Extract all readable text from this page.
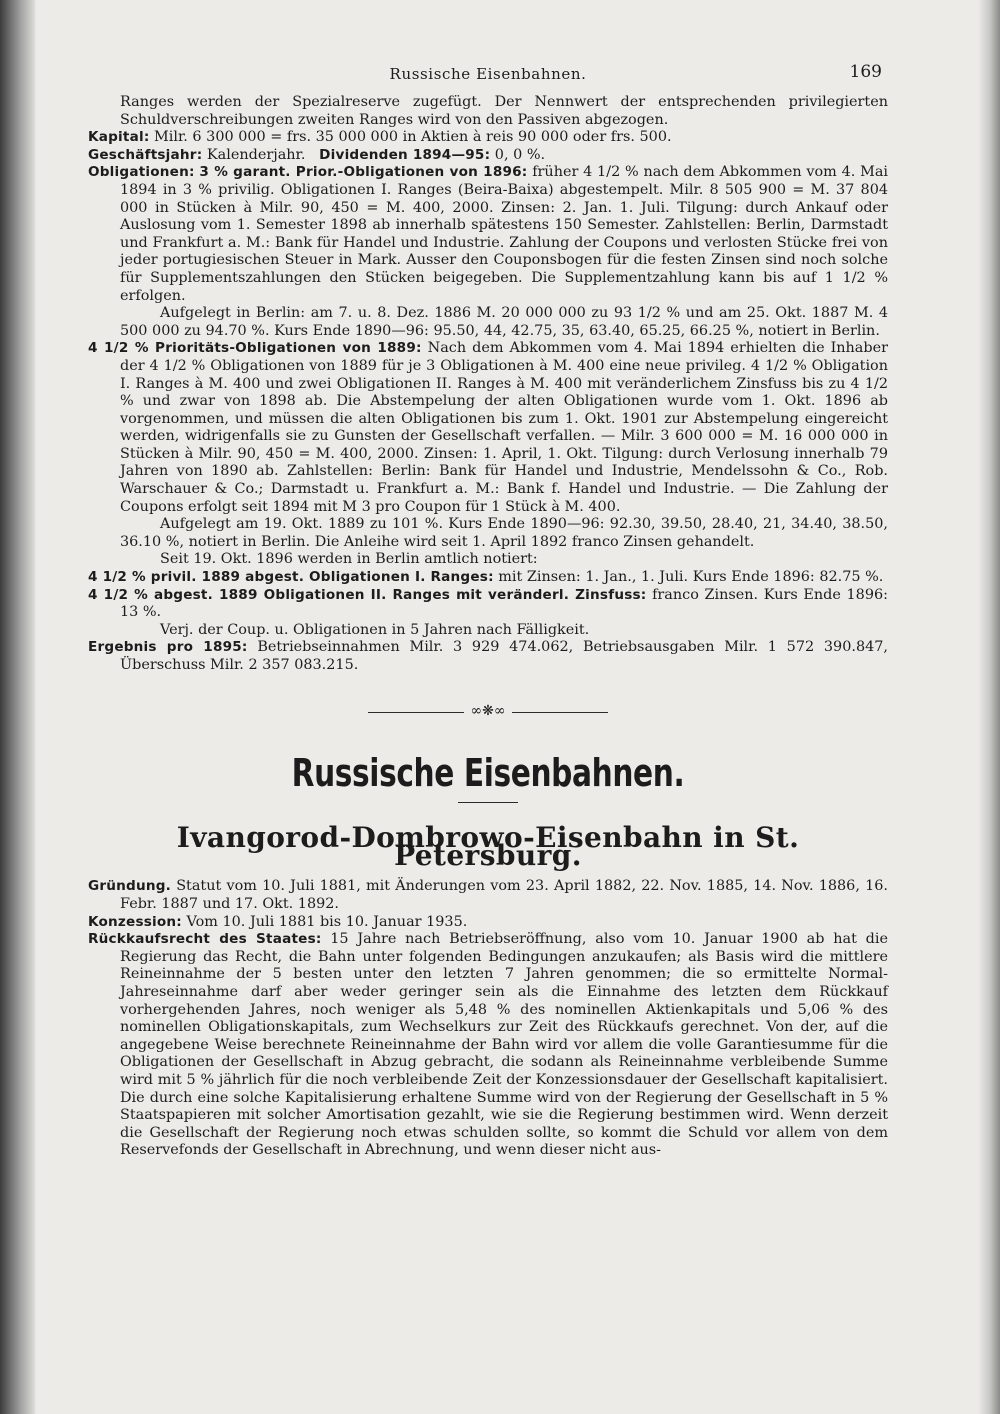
Russische Eisenbahnen.	169

Ranges werden der Spezialreserve zugefügt. Der Nennwert der entsprechenden privilegierten Schuldverschreibungen zweiten Ranges wird von den Passiven abgezogen.

Kapital: Milr. 6 300 000 = frs. 35 000 000 in Aktien à reis 90 000 oder frs. 500.

Geschäftsjahr: Kalenderjahr. Dividenden 1894—95: 0, 0 %.

Obligationen: 3 % garant. Prior.-Obligationen von 1896: früher 4 1/2 % nach dem Abkommen vom 4. Mai 1894 in 3 % privilig. Obligationen I. Ranges (Beira-Baixa) abgestempelt. Milr. 8 505 900 = M. 37 804 000 in Stücken à Milr. 90, 450 = M. 400, 2000. Zinsen: 2. Jan. 1. Juli. Tilgung: durch Ankauf oder Auslosung vom 1. Semester 1898 ab innerhalb spätestens 150 Semester. Zahlstellen: Berlin, Darmstadt und Frankfurt a. M.: Bank für Handel und Industrie. Zahlung der Coupons und verlosten Stücke frei von jeder portugiesischen Steuer in Mark. Ausser den Couponsbogen für die festen Zinsen sind noch solche für Supplementszahlungen den Stücken beigegeben. Die Supplementzahlung kann bis auf 1 1/2 % erfolgen.

Aufgelegt in Berlin: am 7. u. 8. Dez. 1886 M. 20 000 000 zu 93 1/2 % und am 25. Okt. 1887 M. 4 500 000 zu 94.70 %. Kurs Ende 1890—96: 95.50, 44, 42.75, 35, 63.40, 65.25, 66.25 %, notiert in Berlin.

4 1/2 % Prioritäts-Obligationen von 1889: Nach dem Abkommen vom 4. Mai 1894 erhielten die Inhaber der 4 1/2 % Obligationen von 1889 für je 3 Obligationen à M. 400 eine neue privileg. 4 1/2 % Obligation I. Ranges à M. 400 und zwei Obligationen II. Ranges à M. 400 mit veränderlichem Zinsfuss bis zu 4 1/2 % und zwar von 1898 ab. Die Abstempelung der alten Obligationen wurde vom 1. Okt. 1896 ab vorgenommen, und müssen die alten Obligationen bis zum 1. Okt. 1901 zur Abstempelung eingereicht werden, widrigenfalls sie zu Gunsten der Gesellschaft verfallen. — Milr. 3 600 000 = M. 16 000 000 in Stücken à Milr. 90, 450 = M. 400, 2000. Zinsen: 1. April, 1. Okt. Tilgung: durch Verlosung innerhalb 79 Jahren von 1890 ab. Zahlstellen: Berlin: Bank für Handel und Industrie, Mendelssohn & Co., Rob. Warschauer & Co.; Darmstadt u. Frankfurt a. M.: Bank f. Handel und Industrie. — Die Zahlung der Coupons erfolgt seit 1894 mit M 3 pro Coupon für 1 Stück à M. 400.

Aufgelegt am 19. Okt. 1889 zu 101 %. Kurs Ende 1890—96: 92.30, 39.50, 28.40, 21, 34.40, 38.50, 36.10 %, notiert in Berlin. Die Anleihe wird seit 1. April 1892 franco Zinsen gehandelt.

Seit 19. Okt. 1896 werden in Berlin amtlich notiert:

4 1/2 % privil. 1889 abgest. Obligationen I. Ranges: mit Zinsen: 1. Jan., 1. Juli. Kurs Ende 1896: 82.75 %.

4 1/2 % abgest. 1889 Obligationen II. Ranges mit veränderl. Zinsfuss: franco Zinsen. Kurs Ende 1896: 13 %.

Verj. der Coup. u. Obligationen in 5 Jahren nach Fälligkeit.

Ergebnis pro 1895: Betriebseinnahmen Milr. 3 929 474.062, Betriebsausgaben Milr. 1 572 390.847, Überschuss Milr. 2 357 083.215.

∞❋∞
Russische Eisenbahnen.
Ivangorod-Dombrowo-Eisenbahn in St. Petersburg.

Gründung. Statut vom 10. Juli 1881, mit Änderungen vom 23. April 1882, 22. Nov. 1885, 14. Nov. 1886, 16. Febr. 1887 und 17. Okt. 1892.

Konzession: Vom 10. Juli 1881 bis 10. Januar 1935.

Rückkaufsrecht des Staates: 15 Jahre nach Betriebseröffnung, also vom 10. Januar 1900 ab hat die Regierung das Recht, die Bahn unter folgenden Bedingungen anzukaufen; als Basis wird die mittlere Reineinnahme der 5 besten unter den letzten 7 Jahren genommen; die so ermittelte Normal-Jahreseinnahme darf aber weder geringer sein als die Einnahme des letzten dem Rückkauf vorhergehenden Jahres, noch weniger als 5,48 % des nominellen Aktienkapitals und 5,06 % des nominellen Obligationskapitals, zum Wechselkurs zur Zeit des Rückkaufs gerechnet. Von der, auf die angegebene Weise berechnete Reineinnahme der Bahn wird vor allem die volle Garantiesumme für die Obligationen der Gesellschaft in Abzug gebracht, die sodann als Reineinnahme verbleibende Summe wird mit 5 % jährlich für die noch verbleibende Zeit der Konzessionsdauer der Gesellschaft kapitalisiert. Die durch eine solche Kapitalisierung erhaltene Summe wird von der Regierung der Gesellschaft in 5 % Staatspapieren mit solcher Amortisation gezahlt, wie sie die Regierung bestimmen wird. Wenn derzeit die Gesellschaft der Regierung noch etwas schulden sollte, so kommt die Schuld vor allem von dem Reservefonds der Gesellschaft in Abrechnung, und wenn dieser nicht aus-
